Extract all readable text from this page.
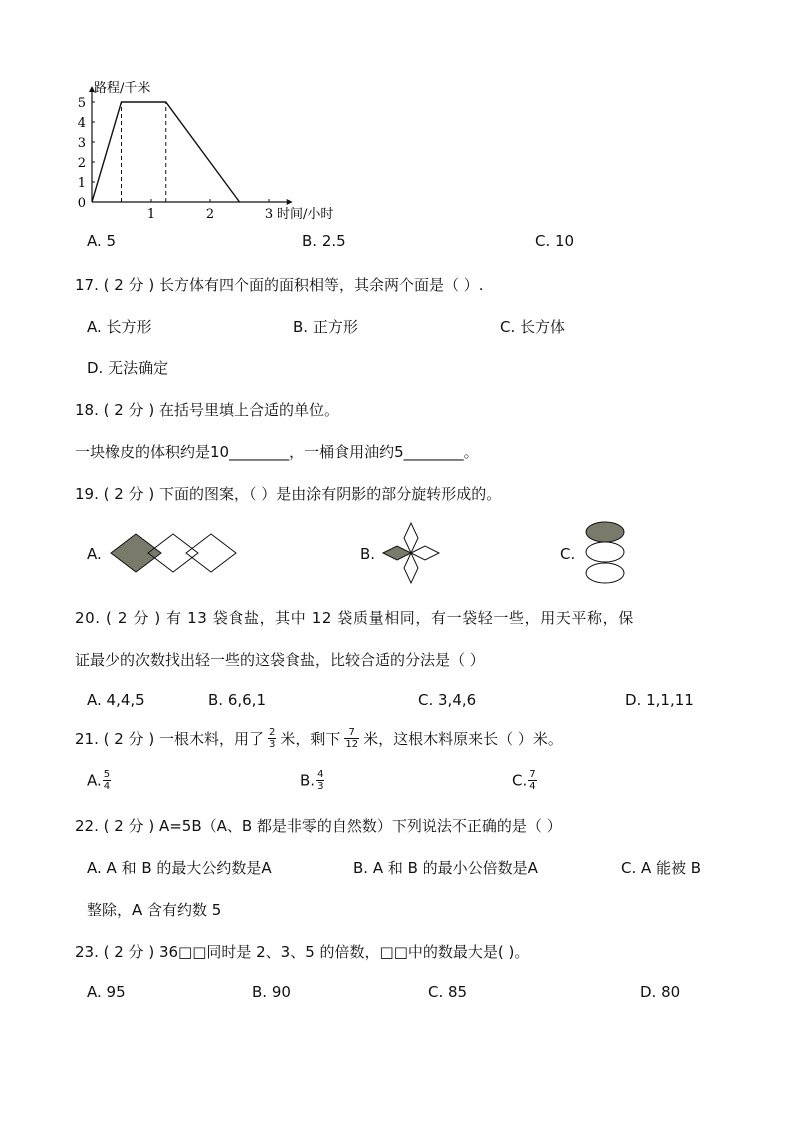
0
1
2
3
4
5
1	2	3
路程/千米
时间/小时
A. 5	B. 2.5	C. 10
17. ( 2 分 ) 长方体有四个面的面积相等，其余两个面是（ ）.
A. 长方形	B. 正方形	C. 长方体
D. 无法确定
18. ( 2 分 ) 在括号里填上合适的单位。
一块橡皮的体积约是10________，一桶食用油约5________。
19. ( 2 分 ) 下面的图案，（ ）是由涂有阴影的部分旋转形成的。
A.	B.	C.
20. ( 2 分 ) 有 13 袋食盐，其中 12 袋质量相同，有一袋轻一些，用天平称，保
证最少的次数找出轻一些的这袋食盐，比较合适的分法是（ ）
A. 4,4,5	B. 6,6,1	C. 3,4,6	D. 1,1,11
21. ( 2 分 ) 一根木料，用了 $\frac{2}{3}$ 米，剩下 $\frac{7}{12}$ 米，这根木料原来长（ ）米。
A. $\frac{5}{4}$	B. $\frac{4}{3}$	C. $\frac{7}{4}$
22. ( 2 分 ) A=5B（A、B 都是非零的自然数）下列说法不正确的是（ ）
A. A 和 B 的最大公约数是A	B. A 和 B 的最小公倍数是A	C. A 能被 B
整除，A 含有约数 5
23. ( 2 分 ) 36□□同时是 2、3、5 的倍数，□□中的数最大是( )。
A. 95	B. 90	C. 85	D. 80
